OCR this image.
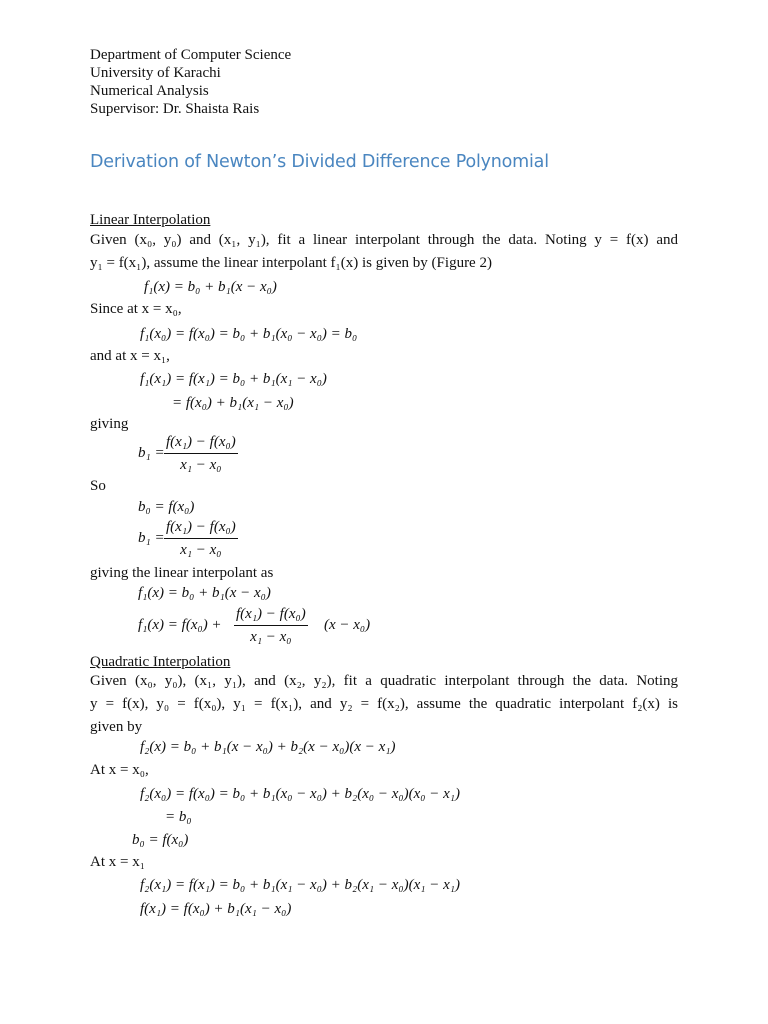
Department of Computer Science
University of Karachi
Numerical Analysis
Supervisor: Dr. Shaista Rais
Derivation of Newton’s Divided Difference Polynomial
Linear Interpolation
Given (x₀, y₀) and (x₁, y₁), fit a linear interpolant through the data. Noting y = f(x) and
y₁ = f(x₁), assume the linear interpolant f₁(x) is given by (Figure 2)
f₁(x) = b₀ + b₁(x − x₀)
Since at x = x₀,
f₁(x₀) = f(x₀) = b₀ + b₁(x₀ − x₀) = b₀
and at x = x₁,
f₁(x₁) = f(x₁) = b₀ + b₁(x₁ − x₀)
= f(x₀) + b₁(x₁ − x₀)
giving
$b_1 = \frac{\text{f(x₁) − f(x₀)}}{\text{x₁ − x₀}}$
So
b₀ = f(x₀)
$b_1 = \frac{\text{f(x₁) − f(x₀)}}{\text{x₁ − x₀}}$
giving the linear interpolant as
f₁(x) = b₀ + b₁(x − x₀)
$f_1(x) = f(x_0) + \frac{\text{f(x₁) − f(x₀)}}{\text{x₁ − x₀}} (x - x_0)$
Quadratic Interpolation
Given (x₀, y₀), (x₁, y₁), and (x₂, y₂), fit a quadratic interpolant through the data. Noting
y = f(x), y₀ = f(x₀), y₁ = f(x₁), and y₂ = f(x₂), assume the quadratic interpolant f₂(x) is
given by
f₂(x) = b₀ + b₁(x − x₀) + b₂(x − x₀)(x − x₁)
At x = x₀,
f₂(x₀) = f(x₀) = b₀ + b₁(x₀ − x₀) + b₂(x₀ − x₀)(x₀ − x₁)
= b₀
b₀ = f(x₀)
At x = x₁
f₂(x₁) = f(x₁) = b₀ + b₁(x₁ − x₀) + b₂(x₁ − x₀)(x₁ − x₁)
f(x₁) = f(x₀) + b₁(x₁ − x₀)
